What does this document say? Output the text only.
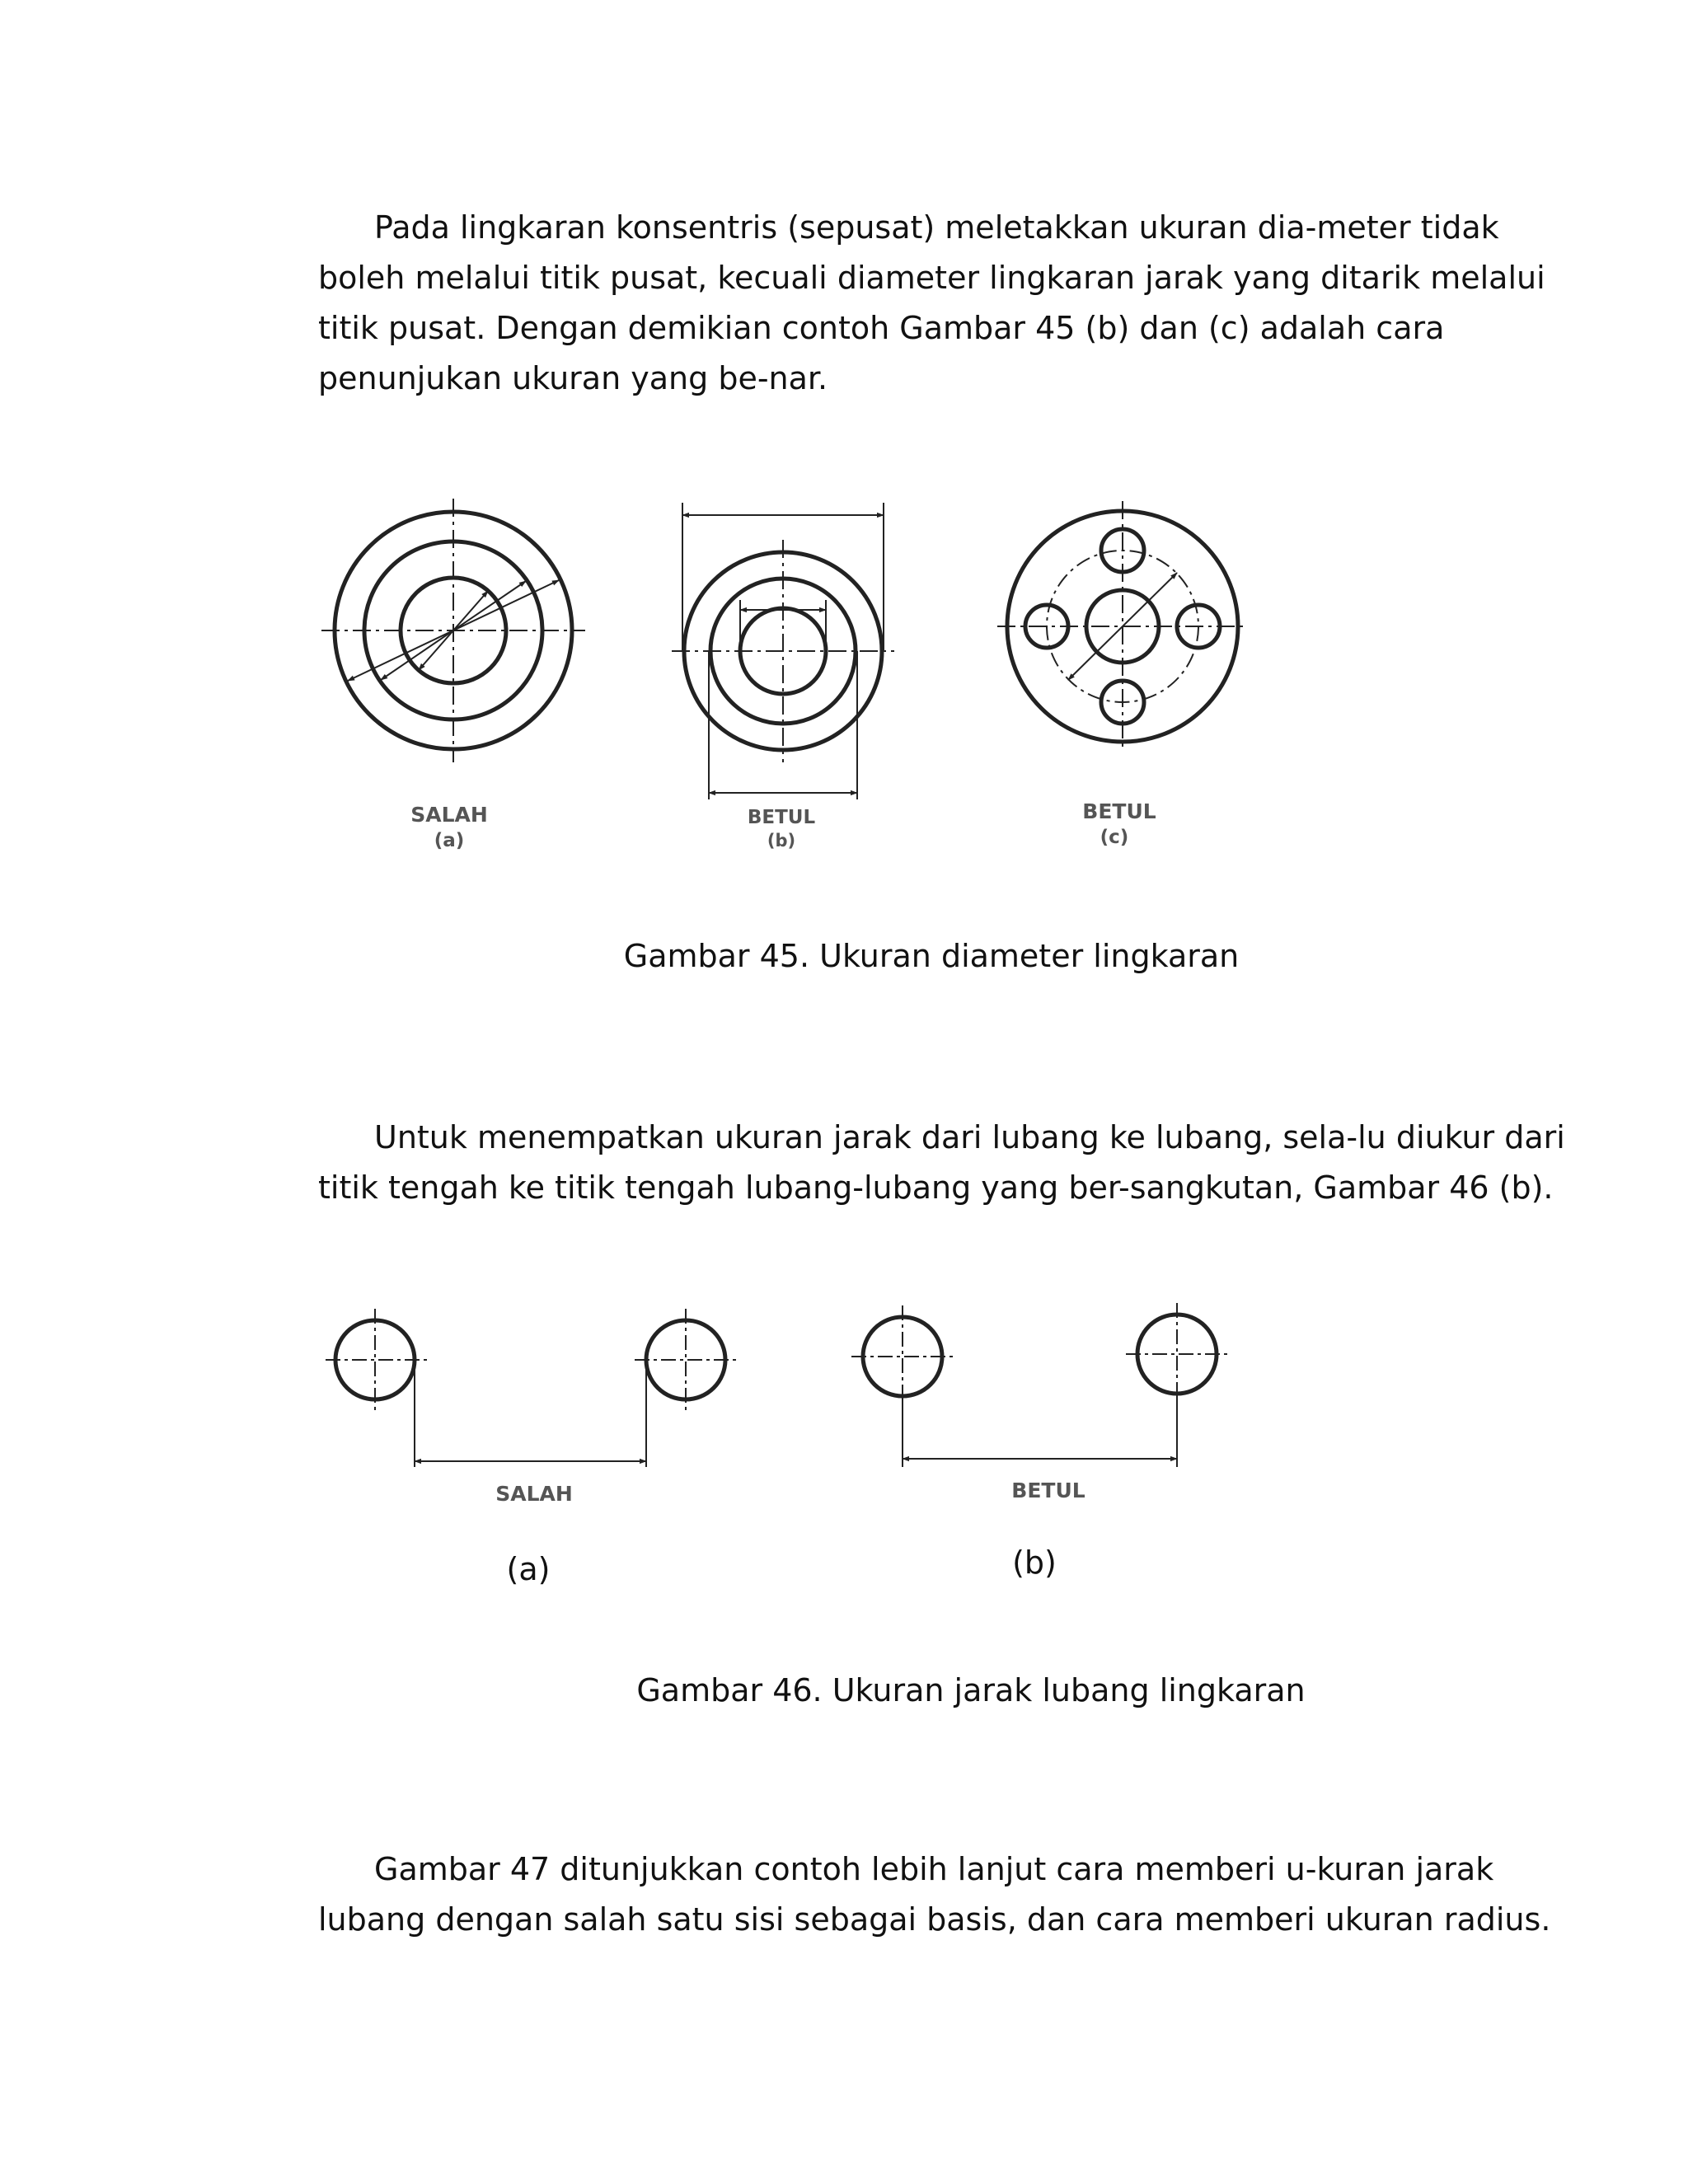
Pada lingkaran konsentris (sepusat) meletakkan ukuran dia-meter tidak
boleh melalui titik pusat, kecuali diameter lingkaran jarak yang ditarik melalui
titik pusat. Dengan demikian contoh Gambar 45 (b) dan (c) adalah cara
penunjukan ukuran yang be-nar.

SALAH
(a)
BETUL
(b)
BETUL
(c)

Gambar 45. Ukuran diameter lingkaran

Untuk menempatkan ukuran jarak dari lubang ke lubang, sela-lu diukur dari
titik tengah ke titik tengah lubang-lubang yang ber-sangkutan, Gambar 46 (b).

SALAH	BETUL

(a)	(b)

Gambar 46. Ukuran jarak lubang lingkaran

Gambar 47 ditunjukkan contoh lebih lanjut cara memberi u-kuran jarak
lubang dengan salah satu sisi sebagai basis, dan cara memberi ukuran radius.
